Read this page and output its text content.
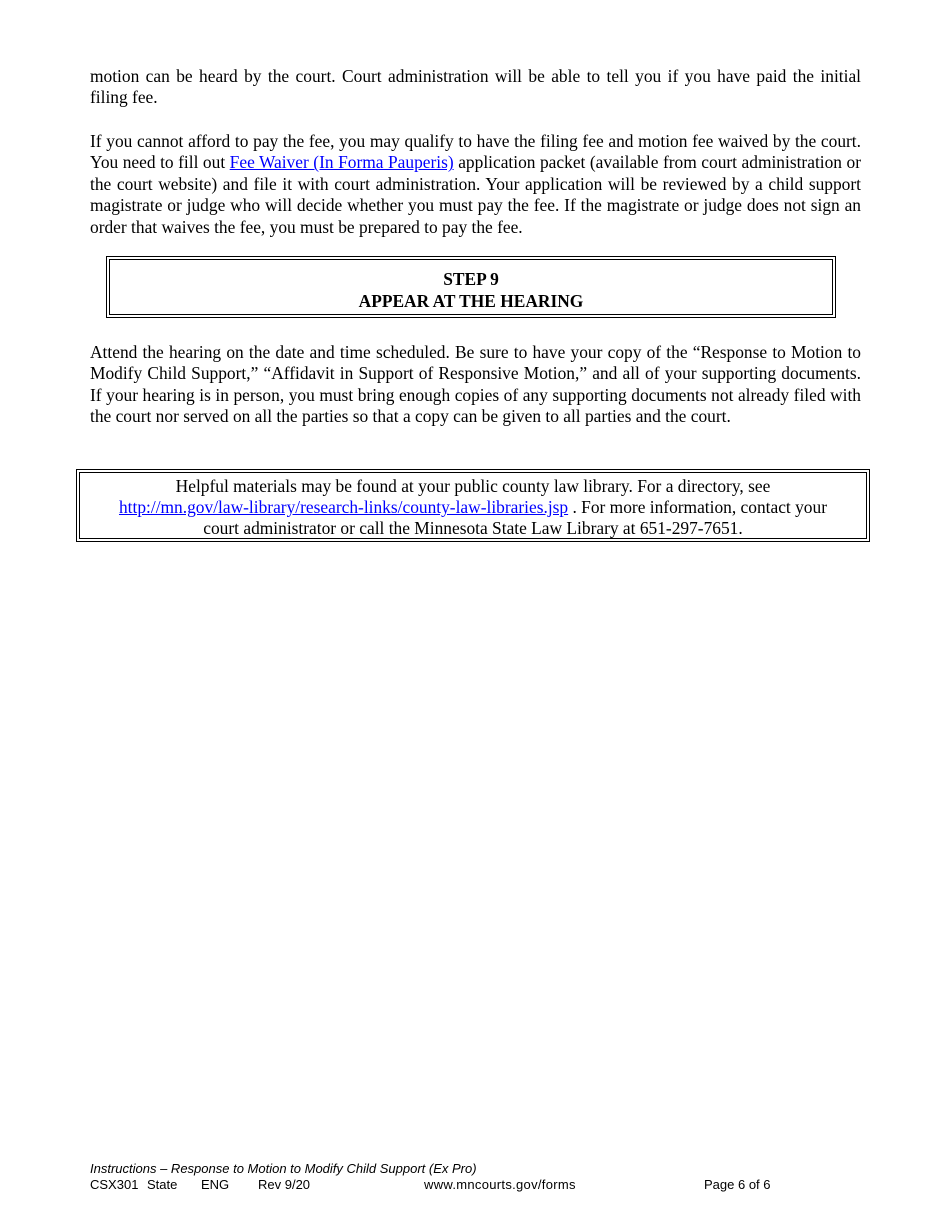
motion can be heard by the court. Court administration will be able to tell you if you have paid the initial filing fee.

If you cannot afford to pay the fee, you may qualify to have the filing fee and motion fee waived by the court. You need to fill out Fee Waiver (In Forma Pauperis) application packet (available from court administration or the court website) and file it with court administration. Your application will be reviewed by a child support magistrate or judge who will decide whether you must pay the fee. If the magistrate or judge does not sign an order that waives the fee, you must be prepared to pay the fee.

STEP 9
APPEAR AT THE HEARING

Attend the hearing on the date and time scheduled. Be sure to have your copy of the “Response to Motion to Modify Child Support,” “Affidavit in Support of Responsive Motion,” and all of your supporting documents. If your hearing is in person, you must bring enough copies of any supporting documents not already filed with the court nor served on all the parties so that a copy can be given to all parties and the court.

Helpful materials may be found at your public county law library. For a directory, see
http://mn.gov/law-library/research-links/county-law-libraries.jsp . For more information, contact your
court administrator or call the Minnesota State Law Library at 651-297-7651.
Instructions – Response to Motion to Modify Child Support (Ex Pro)
CSX301 State ENG Rev 9/20	www.mncourts.gov/forms	Page 6 of 6
